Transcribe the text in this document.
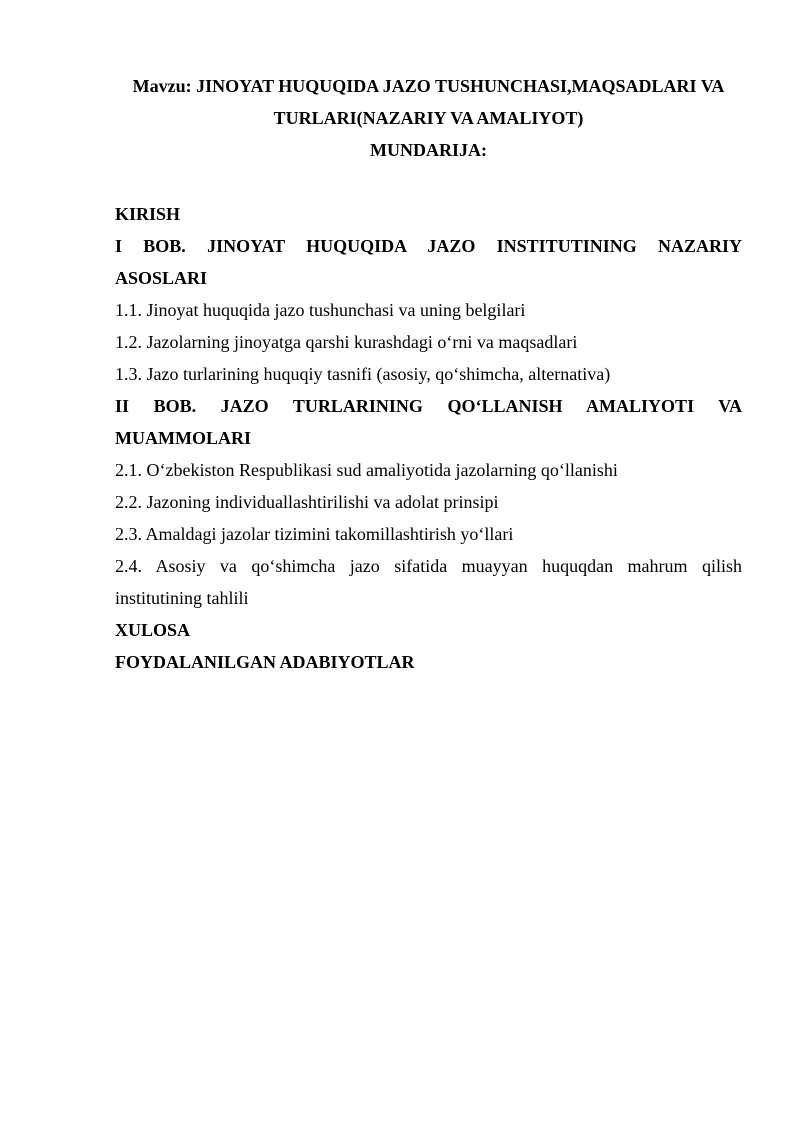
Mavzu: JINOYAT HUQUQIDA JAZO TUSHUNCHASI,MAQSADLARI VA

TURLARI(NAZARIY VA AMALIYOT)

MUNDARIJA:

KIRISH

I BOB. JINOYAT HUQUQIDA JAZO INSTITUTINING NAZARIY

ASOSLARI

1.1. Jinoyat huquqida jazo tushunchasi va uning belgilari

1.2. Jazolarning jinoyatga qarshi kurashdagi o‘rni va maqsadlari

1.3. Jazo turlarining huquqiy tasnifi (asosiy, qo‘shimcha, alternativa)

II BOB. JAZO TURLARINING QO‘LLANISH AMALIYOTI VA

MUAMMOLARI

2.1. O‘zbekiston Respublikasi sud amaliyotida jazolarning qo‘llanishi

2.2. Jazoning individuallashtirilishi va adolat prinsipi

2.3. Amaldagi jazolar tizimini takomillashtirish yo‘llari

2.4. Asosiy va qo‘shimcha jazo sifatida muayyan huquqdan mahrum qilish

institutining tahlili

XULOSA

FOYDALANILGAN ADABIYOTLAR
